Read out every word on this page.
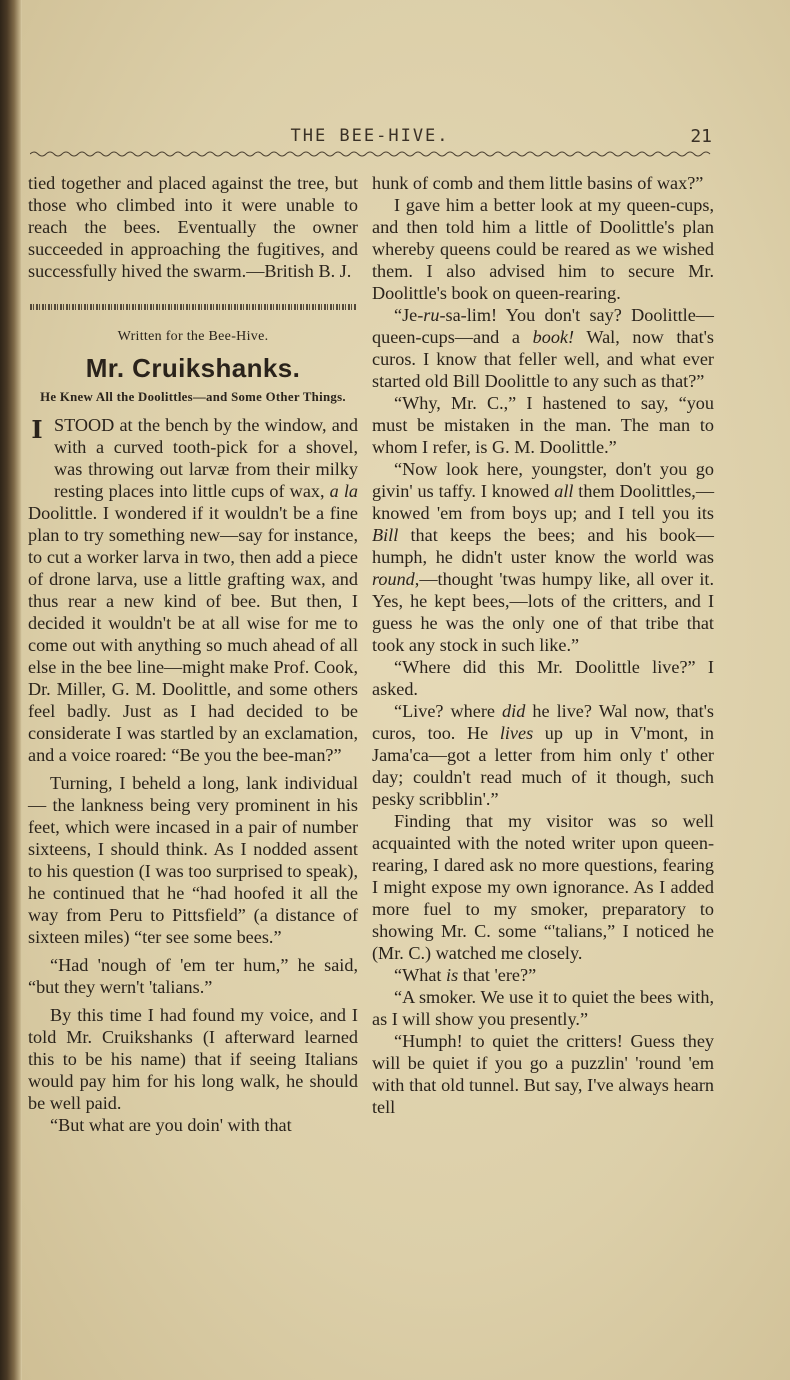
THE BEE-HIVE.	21

tied together and placed against the tree, but those who climbed into it were unable to reach the bees. Eventually the owner succeeded in approaching the fugitives, and successfully hived the swarm.—British B. J.

Written for the Bee-Hive.
Mr. Cruikshanks.
He Knew All the Doolittles—and Some Other Things.

I STOOD at the bench by the window, and with a curved tooth-pick for a shovel, was throwing out larvæ from their milky resting places into little cups of wax, a la Doolittle. I wondered if it wouldn't be a fine plan to try something new—say for instance, to cut a worker larva in two, then add a piece of drone larva, use a little grafting wax, and thus rear a new kind of bee. But then, I decided it wouldn't be at all wise for me to come out with anything so much ahead of all else in the bee line—might make Prof. Cook, Dr. Miller, G. M. Doolittle, and some others feel badly. Just as I had decided to be considerate I was startled by an exclamation, and a voice roared: “Be you the bee-man?”

Turning, I beheld a long, lank individual — the lankness being very prominent in his feet, which were incased in a pair of number sixteens, I should think. As I nodded assent to his question (I was too surprised to speak), he continued that he “had hoofed it all the way from Peru to Pittsfield” (a distance of sixteen miles) “ter see some bees.”

“Had 'nough of 'em ter hum,” he said, “but they wern't 'talians.”

By this time I had found my voice, and I told Mr. Cruikshanks (I afterward learned this to be his name) that if seeing Italians would pay him for his long walk, he should be well paid.

“But what are you doin' with that

hunk of comb and them little basins of wax?”

I gave him a better look at my queen-cups, and then told him a little of Doolittle's plan whereby queens could be reared as we wished them. I also advised him to secure Mr. Doolittle's book on queen-rearing.

“Je-ru-sa-lim! You don't say? Doolittle—queen-cups—and a book! Wal, now that's curos. I know that feller well, and what ever started old Bill Doolittle to any such as that?”

“Why, Mr. C.,” I hastened to say, “you must be mistaken in the man. The man to whom I refer, is G. M. Doolittle.”

“Now look here, youngster, don't you go givin' us taffy. I knowed all them Doolittles,—knowed 'em from boys up; and I tell you its Bill that keeps the bees; and his book—humph, he didn't uster know the world was round,—thought 'twas humpy like, all over it. Yes, he kept bees,—lots of the critters, and I guess he was the only one of that tribe that took any stock in such like.”

“Where did this Mr. Doolittle live?” I asked.

“Live? where did he live? Wal now, that's curos, too. He lives up up in V'mont, in Jama'ca—got a letter from him only t' other day; couldn't read much of it though, such pesky scribblin'.”

Finding that my visitor was so well acquainted with the noted writer upon queen-rearing, I dared ask no more questions, fearing I might expose my own ignorance. As I added more fuel to my smoker, preparatory to showing Mr. C. some “'talians,” I noticed he (Mr. C.) watched me closely.

“What is that 'ere?”

“A smoker. We use it to quiet the bees with, as I will show you presently.”

“Humph! to quiet the critters! Guess they will be quiet if you go a puzzlin' 'round 'em with that old tunnel. But say, I've always hearn tell
